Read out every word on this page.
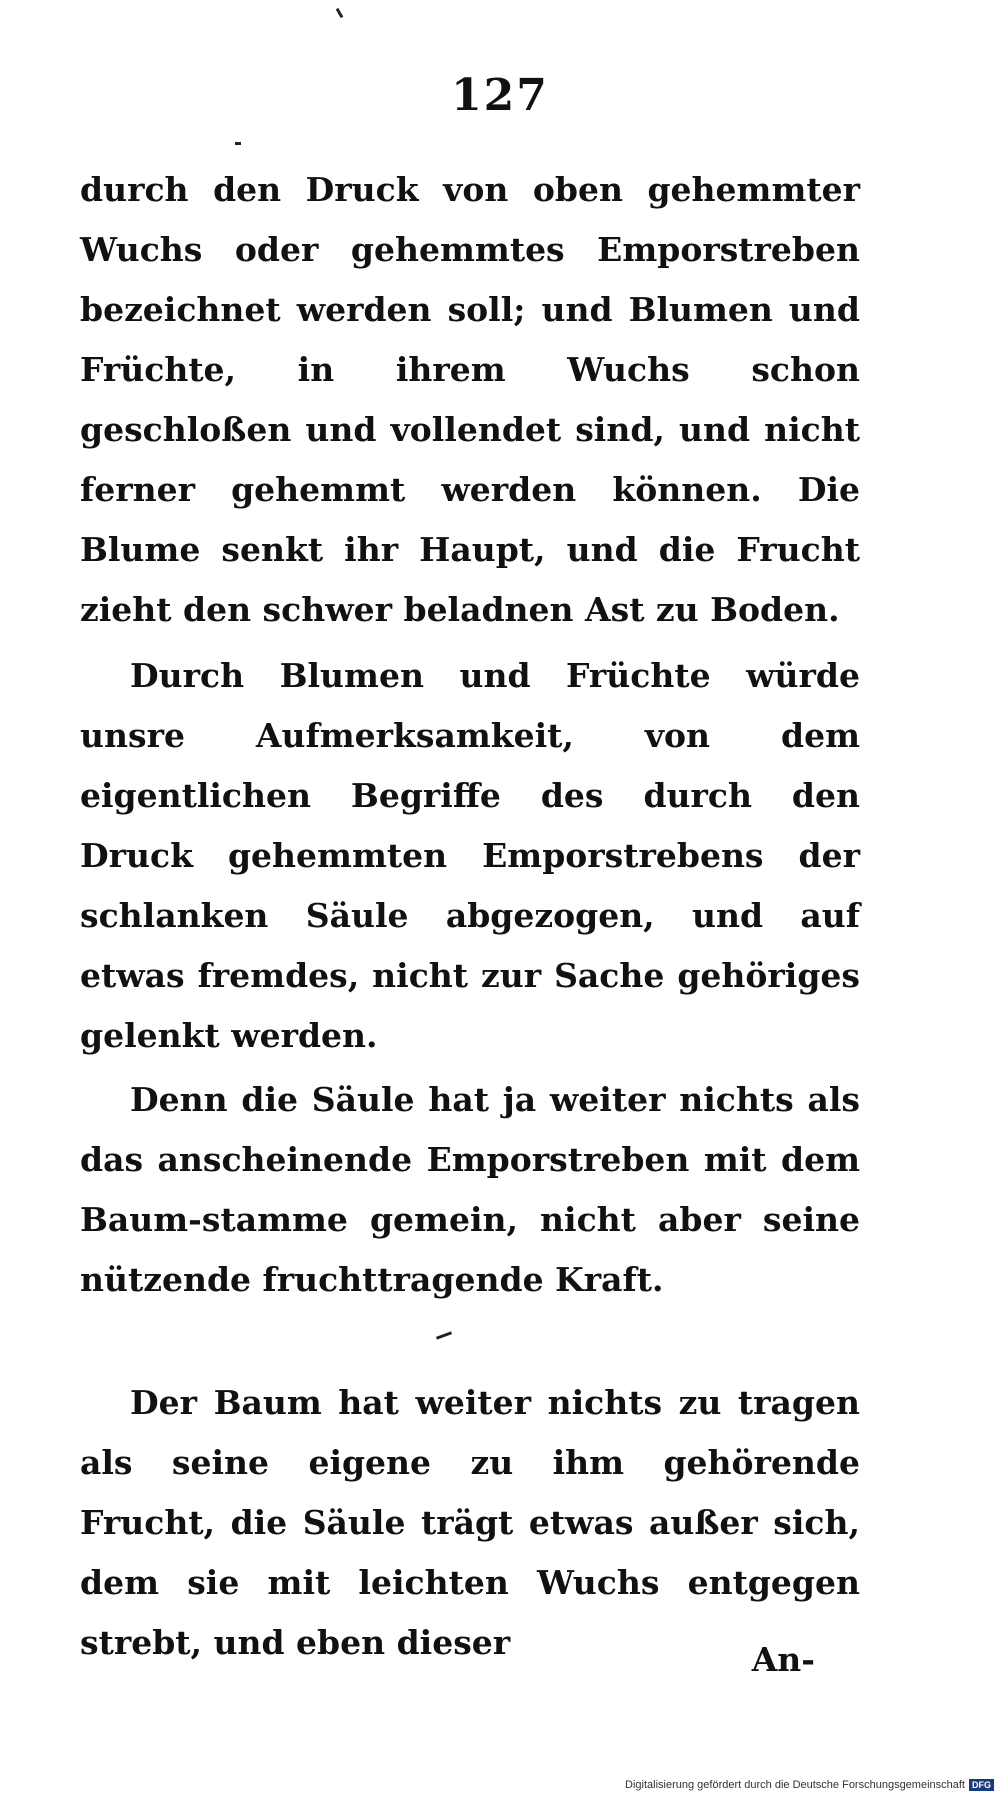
127

durch den Druck von oben gehemmter Wuchs oder gehemmtes Emporstreben bezeichnet werden soll; und Blumen und Früchte, in ihrem Wuchs schon geschloßen und vollendet sind, und nicht ferner gehemmt werden können. Die Blume senkt ihr Haupt, und die Frucht zieht den schwer beladnen Ast zu Boden.

Durch Blumen und Früchte würde unsre Aufmerksamkeit, von dem eigentlichen Begriffe des durch den Druck gehemmten Emporstrebens der schlanken Säule abgezogen, und auf etwas fremdes, nicht zur Sache gehöriges gelenkt werden.

Denn die Säule hat ja weiter nichts als das anscheinende Emporstreben mit dem Baum-stamme gemein, nicht aber seine nützende fruchttragende Kraft.

Der Baum hat weiter nichts zu tragen als seine eigene zu ihm gehörende Frucht, die Säule trägt etwas außer sich, dem sie mit leichten Wuchs entgegen strebt, und eben dieser	An-
Digitalisierung gefördert durch die Deutsche Forschungsgemeinschaft DFG
